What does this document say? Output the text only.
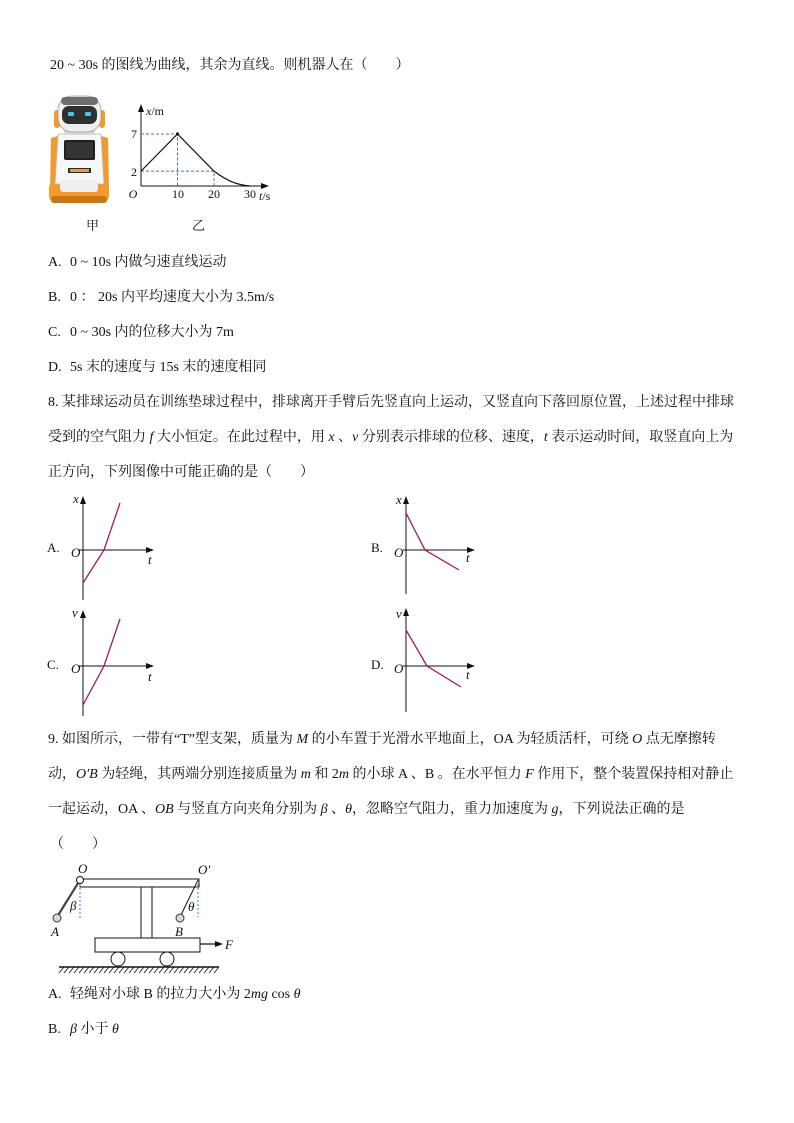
20 ~ 30s 的图线为曲线，其余为直线。则机器人在（　　）
x/m
7
2
O	10 20 30 t/s
甲	乙
A. 0 ~ 10s 内做匀速直线运动
B. 0 ： 20s 内平均速度大小为 3.5m/s
C. 0 ~ 30s 内的位移大小为 7m
D. 5s 末的速度与 15s 末的速度相同
8. 某排球运动员在训练垫球过程中，排球离开手臂后先竖直向上运动，又竖直向下落回原位置，上述过程中排球
受到的空气阻力 f 大小恒定。在此过程中，用 x 、v 分别表示排球的位移、速度，t 表示运动时间，取竖直向上为
正方向，下列图像中可能正确的是（　　）
A.
x
O	t
B.
x
O	t
C.
v
O
t
D.
v
O	t
9. 如图所示，一带有“T”型支架，质量为 M 的小车置于光滑水平地面上，OA 为轻质活杆，可绕 O 点无摩擦转
动，O′B 为轻绳，其两端分别连接质量为 m 和 2m 的小球 A 、B 。在水平恒力 F 作用下，整个装置保持相对静止
一起运动，OA 、OB 与竖直方向夹角分别为 β 、θ，忽略空气阻力，重力加速度为 g，下列说法正确的是
（　　）
O	O′
β	θ
A	B
F
A. 轻绳对小球 B 的拉力大小为 2mg cos θ
B. β 小于 θ
